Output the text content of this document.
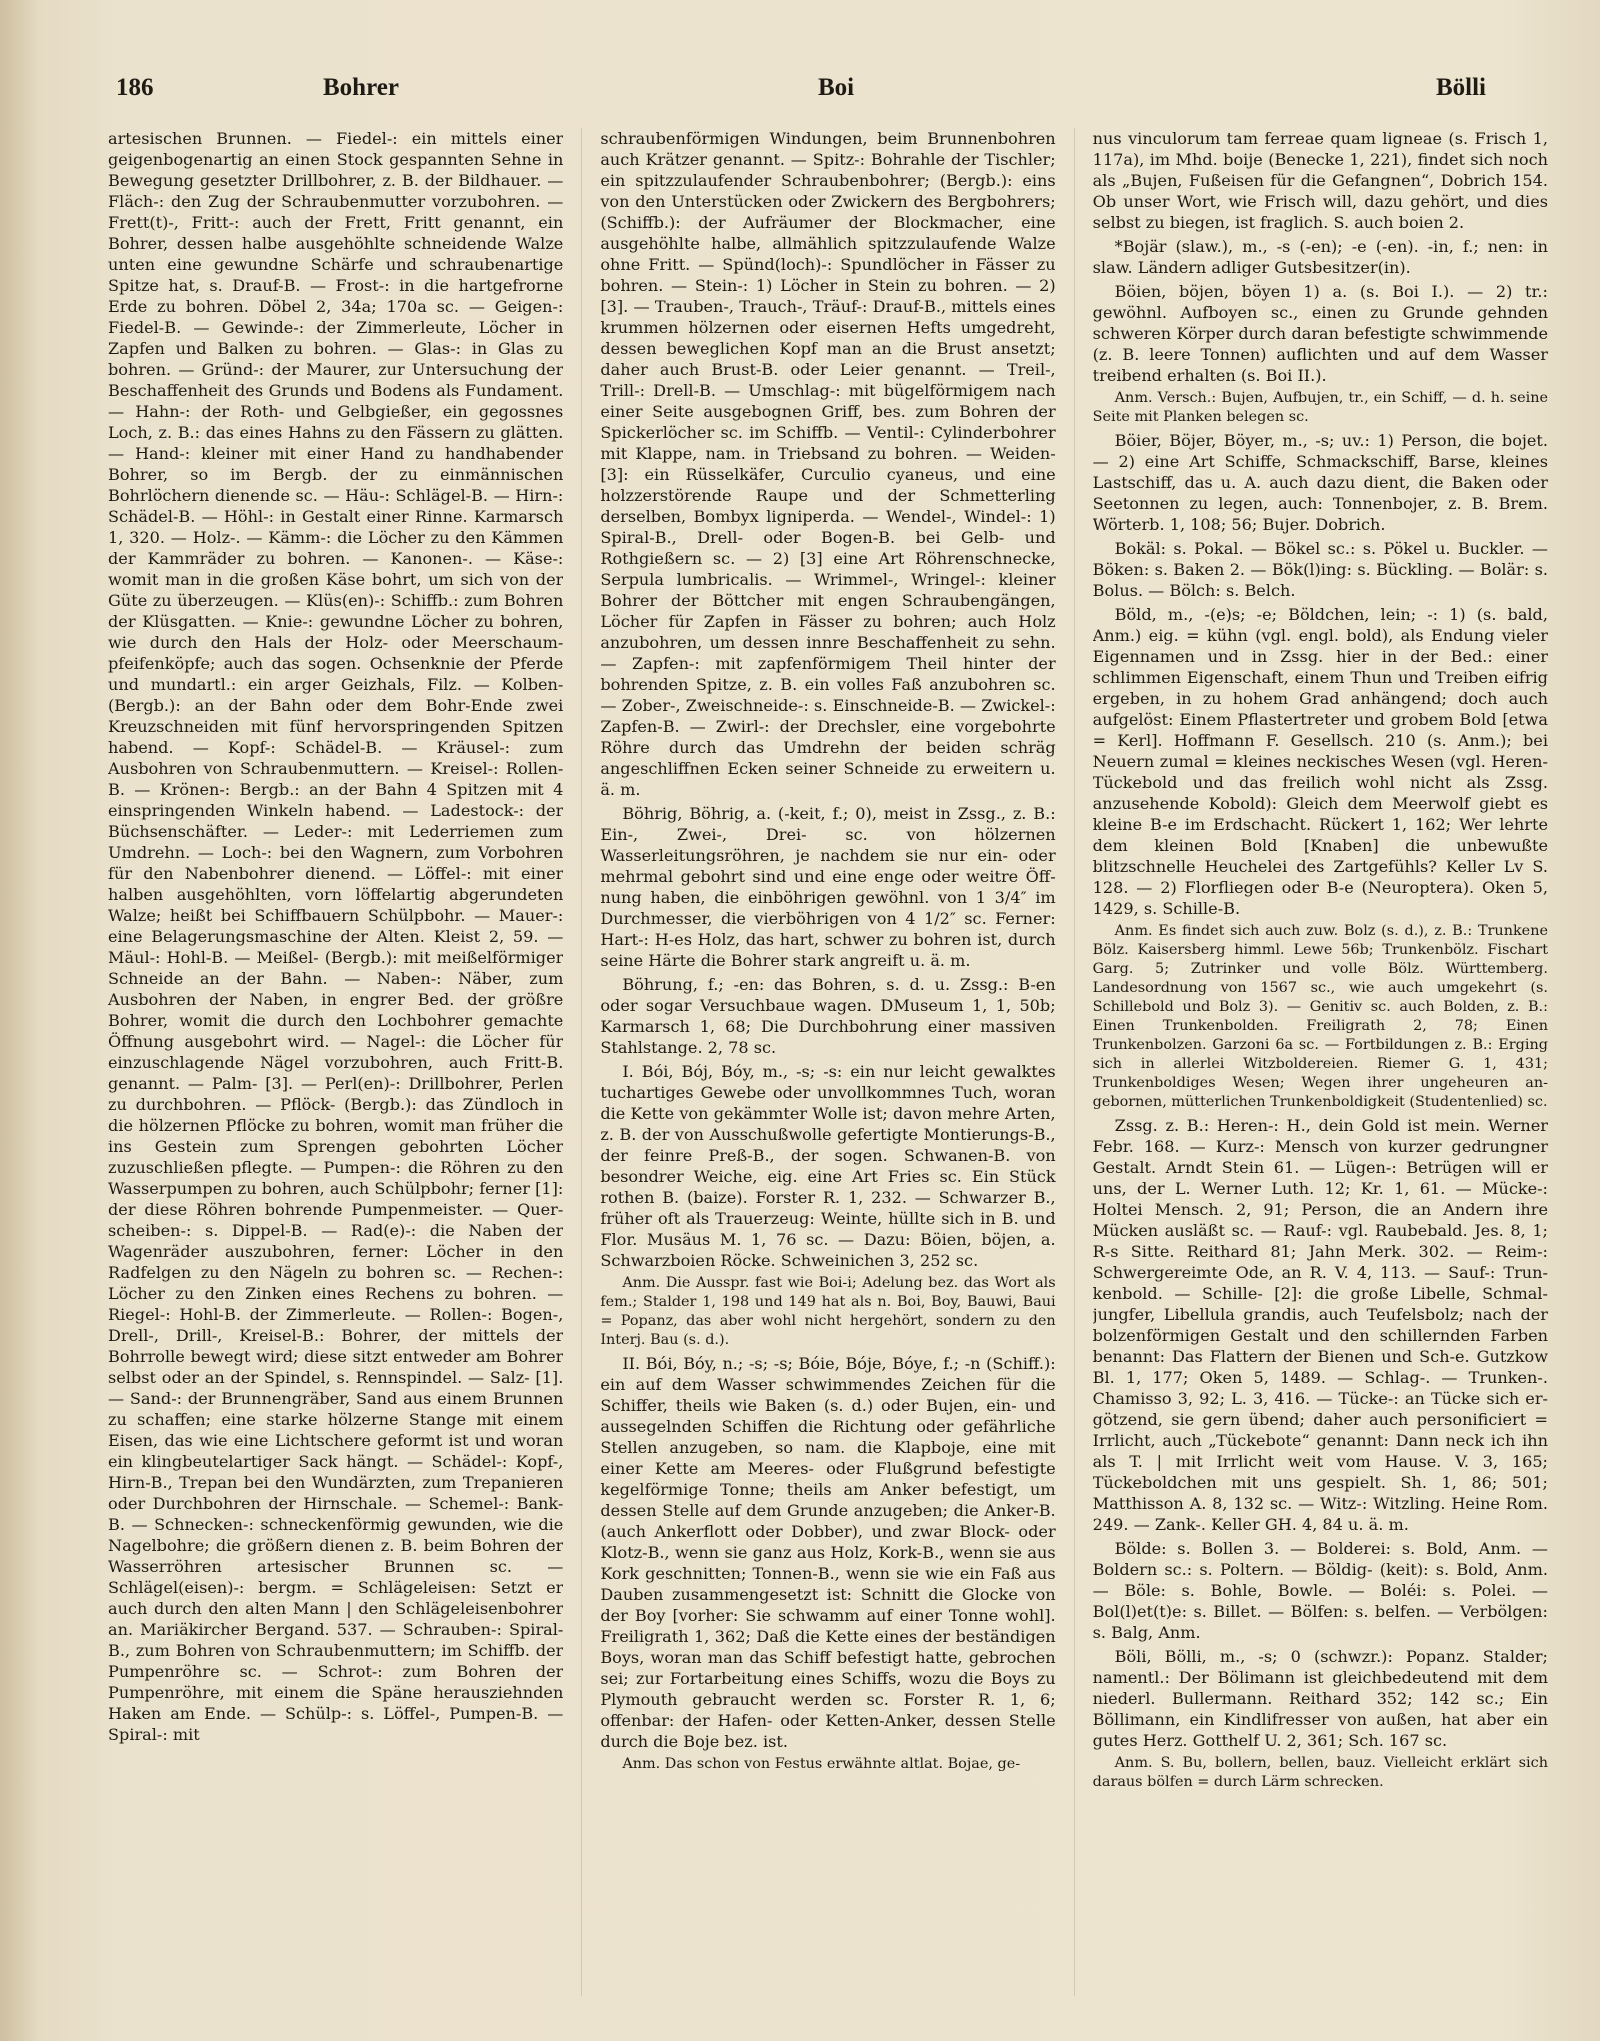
186	Bohrer	Boi	Bölli

artesischen Brunnen. — Fiedel-: ein mittels einer geigenbogenartig an einen Stock gespannten Sehne in Bewegung gesetzter Drillbohrer, z. B. der Bildhauer. — Fläch-: den Zug der Schraubenmutter vorzubohren. — Frett(t)-, Fritt-: auch der Frett, Fritt genannt, ein Bohrer, dessen halbe ausgehöhlte schneidende Walze unten eine gewundne Schärfe und schraubenartige Spitze hat, s. Drauf-B. — Frost-: in die hartgefrorne Erde zu bohren. Döbel 2, 34a; 170a sc. — Geigen-: Fiedel-B. — Gewinde-: der Zimmerleute, Löcher in Zapfen und Balken zu bohren. — Glas-: in Glas zu bohren. — Gründ-: der Maurer, zur Untersuchung der Beschaffenheit des Grunds und Bodens als Fundament. — Hahn-: der Roth- und Gelbgießer, ein gegossnes Loch, z. B.: das eines Hahns zu den Fässern zu glätten. — Hand-: kleiner mit einer Hand zu handhabender Bohrer, so im Bergb. der zu einmännischen Bohrlöchern dienende sc. — Häu-: Schlägel-B. — Hirn-: Schädel-B. — Höhl-: in Gestalt einer Rinne. Karmarsch 1, 320. — Holz-. — Kämm-: die Löcher zu den Kämmen der Kammräder zu bohren. — Kanonen-. — Käse-: womit man in die großen Käse bohrt, um sich von der Güte zu überzeugen. — Klüs(en)-: Schiffb.: zum Bohren der Klüsgatten. — Knie-: gewundne Löcher zu bohren, wie durch den Hals der Holz- oder Meerschaumpfeifenköpfe; auch das sogen. Ochsenknie der Pferde und mundartl.: ein arger Geizhals, Filz. — Kolben- (Bergb.): an der Bahn oder dem Bohr-Ende zwei Kreuzschneiden mit fünf hervorspringenden Spitzen habend. — Kopf-: Schädel-B. — Kräusel-: zum Ausbohren von Schraubenmuttern. — Kreisel-: Rollen-B. — Krönen-: Bergb.: an der Bahn 4 Spitzen mit 4 einspringenden Winkeln habend. — Ladestock-: der Büchsenschäfter. — Leder-: mit Lederriemen zum Umdrehn. — Loch-: bei den Wagnern, zum Vorbohren für den Nabenbohrer dienend. — Löffel-: mit einer halben ausgehöhlten, vorn löffelartig abgerundeten Walze; heißt bei Schiffbauern Schülpbohr. — Mauer-: eine Belagerungsmaschine der Alten. Kleist 2, 59. — Mäul-: Hohl-B. — Meißel- (Bergb.): mit meißelförmiger Schneide an der Bahn. — Naben-: Näber, zum Ausbohren der Naben, in engrer Bed. der größre Bohrer, womit die durch den Lochbohrer gemachte Öffnung ausgebohrt wird. — Nagel-: die Löcher für einzuschlagende Nägel vorzubohren, auch Fritt-B. genannt. — Palm- [3]. — Perl(en)-: Drillbohrer, Perlen zu durchbohren. — Pflöck- (Bergb.): das Zündloch in die hölzernen Pflöcke zu bohren, womit man früher die ins Gestein zum Sprengen gebohrten Löcher zuzuschließen pflegte. — Pumpen-: die Röhren zu den Wasserpumpen zu bohren, auch Schülpbohr; ferner [1]: der diese Röhren bohrende Pumpenmeister. — Querscheiben-: s. Dippel-B. — Rad(e)-: die Naben der Wagenräder auszubohren, ferner: Löcher in den Radfelgen zu den Nägeln zu bohren sc. — Rechen-: Löcher zu den Zinken eines Rechens zu bohren. — Riegel-: Hohl-B. der Zimmerleute. — Rollen-: Bogen-, Drell-, Drill-, Kreisel-B.: Bohrer, der mittels der Bohrrolle bewegt wird; diese sitzt entweder am Bohrer selbst oder an der Spindel, s. Rennspindel. — Salz- [1]. — Sand-: der Brunnengräber, Sand aus einem Brunnen zu schaffen; eine starke hölzerne Stange mit einem Eisen, das wie eine Lichtschere geformt ist und woran ein klingbeutelartiger Sack hängt. — Schädel-: Kopf-, Hirn-B., Trepan bei den Wundärzten, zum Trepanieren oder Durchbohren der Hirnschale. — Schemel-: Bank-B. — Schnecken-: schneckenförmig gewunden, wie die Nagelbohre; die größern dienen z. B. beim Bohren der Wasserröhren artesischer Brunnen sc. — Schlägel(eisen)-: bergm. = Schlägeleisen: Setzt er auch durch den alten Mann | den Schlägeleisenbohrer an. Mariäkircher Bergand. 537. — Schrauben-: Spiral-B., zum Bohren von Schraubenmuttern; im Schiffb. der Pumpenröhre sc. — Schrot-: zum Bohren der Pumpenröhre, mit einem die Späne herausziehnden Haken am Ende. — Schülp-: s. Löffel-, Pumpen-B. — Spiral-: mit

schraubenförmigen Windungen, beim Brunnenbohren auch Krätzer genannt. — Spitz-: Bohrahle der Tischler; ein spitzzulaufender Schraubenbohrer; (Bergb.): eins von den Unterstücken oder Zwickern des Bergbohrers; (Schiffb.): der Aufräumer der Blockmacher, eine ausgehöhlte halbe, allmählich spitzzulaufende Walze ohne Fritt. — Spünd(loch)-: Spundlöcher in Fässer zu bohren. — Stein-: 1) Löcher in Stein zu bohren. — 2) [3]. — Trauben-, Trauch-, Träuf-: Drauf-B., mittels eines krummen hölzernen oder eisernen Hefts umgedreht, dessen beweglichen Kopf man an die Brust ansetzt; daher auch Brust-B. oder Leier genannt. — Treil-, Trill-: Drell-B. — Umschlag-: mit bügelförmigem nach einer Seite ausgebognen Griff, bes. zum Bohren der Spickerlöcher sc. im Schiffb. — Ventil-: Cylinderbohrer mit Klappe, nam. in Triebsand zu bohren. — Weiden- [3]: ein Rüsselkäfer, Curculio cyaneus, und eine holzzerstörende Raupe und der Schmetterling derselben, Bombyx ligniperda. — Wendel-, Windel-: 1) Spiral-B., Drell- oder Bogen-B. bei Gelb- und Rothgießern sc. — 2) [3] eine Art Röhrenschnecke, Serpula lumbricalis. — Wrimmel-, Wringel-: kleiner Bohrer der Böttcher mit engen Schraubengängen, Löcher für Zapfen in Fässer zu bohren; auch Holz anzubohren, um dessen innre Beschaffenheit zu sehn. — Zapfen-: mit zapfenförmigem Theil hinter der bohrenden Spitze, z. B. ein volles Faß anzubohren sc. — Zober-, Zweischneide-: s. Einschneide-B. — Zwickel-: Zapfen-B. — Zwirl-: der Drechsler, eine vorgebohrte Röhre durch das Umdrehn der beiden schräg angeschliffnen Ecken seiner Schneide zu erweitern u. ä. m.

Böhrig, Böhrig, a. (-keit, f.; 0), meist in Zssg., z. B.: Ein-, Zwei-, Drei- sc. von hölzernen Wasserleitungsröhren, je nachdem sie nur ein- oder mehrmal gebohrt sind und eine enge oder weitre Öffnung haben, die einböhrigen gewöhnl. von 1 3/4″ im Durchmesser, die vierböhrigen von 4 1/2″ sc. Ferner: Hart-: H-es Holz, das hart, schwer zu bohren ist, durch seine Härte die Bohrer stark angreift u. ä. m.

Böhrung, f.; -en: das Bohren, s. d. u. Zssg.: B-en oder sogar Versuchbaue wagen. DMuseum 1, 1, 50b; Karmarsch 1, 68; Die Durchbohrung einer massiven Stahlstange. 2, 78 sc.

I. Bói, Bój, Bóy, m., -s; -s: ein nur leicht gewalktes tuchartiges Gewebe oder unvollkommnes Tuch, woran die Kette von gekämmter Wolle ist; davon mehre Arten, z. B. der von Ausschußwolle gefertigte Montierungs-B., der feinre Preß-B., der sogen. Schwanen-B. von besondrer Weiche, eig. eine Art Fries sc. Ein Stück rothen B. (baize). Forster R. 1, 232. — Schwarzer B., früher oft als Trauerzeug: Weinte, hüllte sich in B. und Flor. Musäus M. 1, 76 sc. — Dazu: Böien, böjen, a. Schwarzboien Röcke. Schweinichen 3, 252 sc.

Anm. Die Ausspr. fast wie Boi-i; Adelung bez. das Wort als fem.; Stalder 1, 198 und 149 hat als n. Boi, Boy, Bauwi, Baui = Popanz, das aber wohl nicht hergehört, sondern zu den Interj. Bau (s. d.).

II. Bói, Bóy, n.; -s; -s; Bóie, Bóje, Bóye, f.; -n (Schiff.): ein auf dem Wasser schwimmendes Zeichen für die Schiffer, theils wie Baken (s. d.) oder Bujen, ein- und aussegelnden Schiffen die Richtung oder gefährliche Stellen anzugeben, so nam. die Klapboje, eine mit einer Kette am Meeres- oder Flußgrund befestigte kegelförmige Tonne; theils am Anker befestigt, um dessen Stelle auf dem Grunde anzugeben; die Anker-B. (auch Ankerflott oder Dobber), und zwar Block- oder Klotz-B., wenn sie ganz aus Holz, Kork-B., wenn sie aus Kork geschnitten; Tonnen-B., wenn sie wie ein Faß aus Dauben zusammengesetzt ist: Schnitt die Glocke von der Boy [vorher: Sie schwamm auf einer Tonne wohl]. Freiligrath 1, 362; Daß die Kette eines der beständigen Boys, woran man das Schiff befestigt hatte, gebrochen sei; zur Fortarbeitung eines Schiffs, wozu die Boys zu Plymouth gebraucht werden sc. Forster R. 1, 6; offenbar: der Hafen- oder Ketten-Anker, dessen Stelle durch die Boje bez. ist.

Anm. Das schon von Festus erwähnte altlat. Bojae, ge-

nus vinculorum tam ferreae quam ligneae (s. Frisch 1, 117a), im Mhd. boije (Benecke 1, 221), findet sich noch als „Bujen, Fußeisen für die Gefangnen“, Dobrich 154. Ob unser Wort, wie Frisch will, dazu gehört, und dies selbst zu biegen, ist fraglich. S. auch boien 2.

*Bojär (slaw.), m., -s (-en); -e (-en). -in, f.; nen: in slaw. Ländern adliger Gutsbesitzer(in).

Böien, böjen, böyen 1) a. (s. Boi I.). — 2) tr.: gewöhnl. Aufboyen sc., einen zu Grunde gehnden schweren Körper durch daran befestigte schwimmende (z. B. leere Tonnen) auflichten und auf dem Wasser treibend erhalten (s. Boi II.).

Anm. Versch.: Bujen, Aufbujen, tr., ein Schiff, — d. h. seine Seite mit Planken belegen sc.

Böier, Böjer, Böyer, m., -s; uv.: 1) Person, die bojet. — 2) eine Art Schiffe, Schmackschiff, Barse, kleines Lastschiff, das u. A. auch dazu dient, die Baken oder Seetonnen zu legen, auch: Tonnenbojer, z. B. Brem. Wörterb. 1, 108; 56; Bujer. Dobrich.

Bokäl: s. Pokal. — Bökel sc.: s. Pökel u. Buckler. — Böken: s. Baken 2. — Bök(l)ing: s. Bückling. — Bolär: s. Bolus. — Bölch: s. Belch.

Böld, m., -(e)s; -e; Böldchen, lein; -: 1) (s. bald, Anm.) eig. = kühn (vgl. engl. bold), als Endung vieler Eigennamen und in Zssg. hier in der Bed.: einer schlimmen Eigenschaft, einem Thun und Treiben eifrig ergeben, in zu hohem Grad anhängend; doch auch aufgelöst: Einem Pflastertreter und grobem Bold [etwa = Kerl]. Hoffmann F. Gesellsch. 210 (s. Anm.); bei Neuern zumal = kleines neckisches Wesen (vgl. Heren-Tückebold und das freilich wohl nicht als Zssg. anzusehende Kobold): Gleich dem Meerwolf giebt es kleine B-e im Erdschacht. Rückert 1, 162; Wer lehrte dem kleinen Bold [Knaben] die unbewußte blitzschnelle Heuchelei des Zartgefühls? Keller Lv S. 128. — 2) Florfliegen oder B-e (Neuroptera). Oken 5, 1429, s. Schille-B.

Anm. Es findet sich auch zuw. Bolz (s. d.), z. B.: Trunkene Bölz. Kaisersberg himml. Lewe 56b; Trunkenbölz. Fischart Garg. 5; Zutrinker und volle Bölz. Württemberg. Landesordnung von 1567 sc., wie auch umgekehrt (s. Schillebold und Bolz 3). — Genitiv sc. auch Bolden, z. B.: Einen Trunkenbolden. Freiligrath 2, 78; Einen Trunkenbolzen. Garzoni 6a sc. — Fortbildungen z. B.: Erging sich in allerlei Witzboldereien. Riemer G. 1, 431; Trunkenboldiges Wesen; Wegen ihrer ungeheuren angebornen, mütterlichen Trunkenboldigkeit (Studentenlied) sc.

Zssg. z. B.: Heren-: H., dein Gold ist mein. Werner Febr. 168. — Kurz-: Mensch von kurzer gedrungner Gestalt. Arndt Stein 61. — Lügen-: Betrügen will er uns, der L. Werner Luth. 12; Kr. 1, 61. — Mücke-: Holtei Mensch. 2, 91; Person, die an Andern ihre Mücken ausläßt sc. — Rauf-: vgl. Raubebald. Jes. 8, 1; R-s Sitte. Reithard 81; Jahn Merk. 302. — Reim-: Schwergereimte Ode, an R. V. 4, 113. — Sauf-: Trunkenbold. — Schille- [2]: die große Libelle, Schmaljungfer, Libellula grandis, auch Teufelsbolz; nach der bolzenförmigen Gestalt und den schillernden Farben benannt: Das Flattern der Bienen und Sch-e. Gutzkow Bl. 1, 177; Oken 5, 1489. — Schlag-. — Trunken-. Chamisso 3, 92; L. 3, 416. — Tücke-: an Tücke sich ergötzend, sie gern übend; daher auch personificiert = Irrlicht, auch „Tückebote“ genannt: Dann neck ich ihn als T. | mit Irrlicht weit vom Hause. V. 3, 165; Tückeboldchen mit uns gespielt. Sh. 1, 86; 501; Matthisson A. 8, 132 sc. — Witz-: Witzling. Heine Rom. 249. — Zank-. Keller GH. 4, 84 u. ä. m.

Bölde: s. Bollen 3. — Bolderei: s. Bold, Anm. — Boldern sc.: s. Poltern. — Böldig- (keit): s. Bold, Anm. — Böle: s. Bohle, Bowle. — Boléi: s. Polei. — Bol(l)et(t)e: s. Billet. — Bölfen: s. belfen. — Verbölgen: s. Balg, Anm.

Böli, Bölli, m., -s; 0 (schwzr.): Popanz. Stalder; namentl.: Der Bölimann ist gleichbedeutend mit dem niederl. Bullermann. Reithard 352; 142 sc.; Ein Böllimann, ein Kindlifresser von außen, hat aber ein gutes Herz. Gotthelf U. 2, 361; Sch. 167 sc.

Anm. S. Bu, bollern, bellen, bauz. Vielleicht erklärt sich daraus bölfen = durch Lärm schrecken.
